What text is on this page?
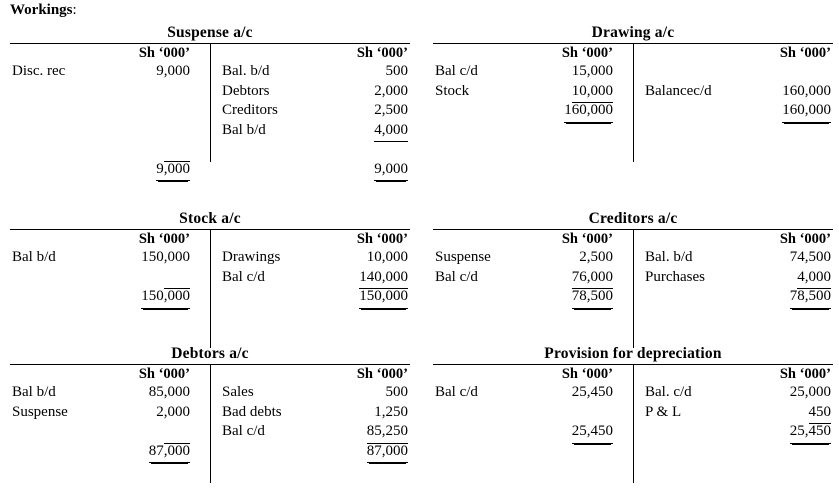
Workings:
Suspense a/c
Sh ‘000’
Disc. rec	9,000

9,000
Sh ‘000’
Bal. b/d	500
Debtors	2,000
Creditors	2,500
Bal b/d	4,000
9,000
Drawing a/c
Sh ‘000’
Bal c/d	15,000
Stock	10,000
160,000
Sh ‘000’
Balancec/d	160,000
160,000
Stock a/c
Sh ‘000’
Bal b/d	150,000

150,000
Sh ‘000’
Drawings	10,000
Bal c/d	140,000
150,000
Creditors a/c
Sh ‘000’
Suspense	2,500
Bal c/d	76,000
78,500
Sh ‘000’
Bal. b/d	74,500
Purchases	4,000
78,500
Debtors a/c
Sh ‘000’
Bal b/d	85,000
Suspense	2,000

87,000
Sh ‘000’
Sales	500
Bad debts	1,250
Bal c/d	85,250
87,000
Provision for depreciation
Sh ‘000’
Bal c/d	25,450
25,450
Sh ‘000’
Bal. c/d	25,000
P & L	450
25,450
